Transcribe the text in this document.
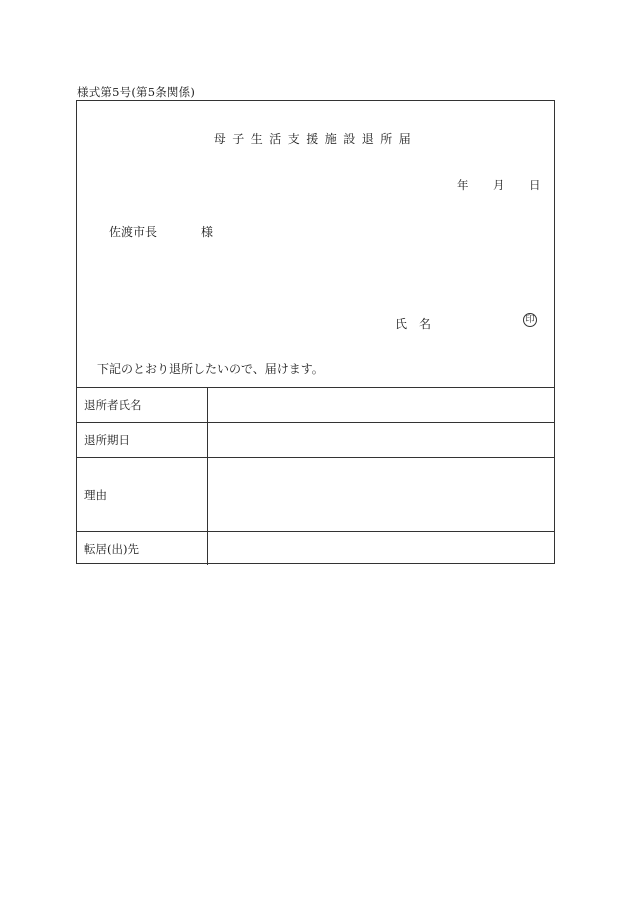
様式第5号(第5条関係)
母子生活支援施設退所届
年 月 日
佐渡市長	様
氏名	印
下記のとおり退所したいので、届けます。
退所者氏名	
退所期日	
理由	
転居(出)先	
